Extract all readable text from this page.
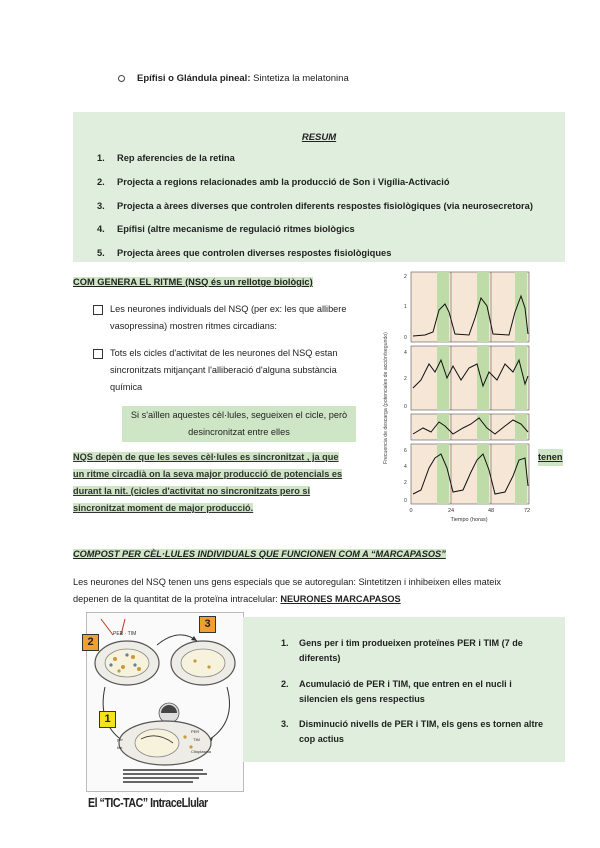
Epífisi o Glándula pineal: Sintetiza la melatonina
RESUM
1. Rep aferencies de la retina
2. Projecta a regions relacionades amb la producció de Son i Vigília-Activació
3. Projecta a àrees diverses que controlen diferents respostes fisiològiques (via neurosecretora)
4. Epífisi (altre mecanisme de regulació ritmes biològics
5. Projecta àrees que controlen diverses respostes fisiològiques
COM GENERA EL RITME (NSQ és un rellotge biològic)
Les neurones individuals del NSQ (per ex: les que allibere
vasopressina) mostren ritmes circadians:
Tots els cicles d'activitat de les neurones del NSQ estan
sincronitzats mitjançant l'alliberació d'alguna substància
química
Si s'aïllen aquestes cèl·lules, segueixen el cicle, però
desincronitzat entre elles
NQS depèn de que les seves cèl·lules es sincronitzat , ja que
un ritme circadià on la seva major producció de potencials es
durant la nit. (cicles d'activitat no sincronitzats pero si
sincronitzat moment de major producció.
tenen
Frecuencia de descarga (potenciales de acción/segundo)
2
1
0
4
2
0
6
4
2
0
0	24	48	72
Tiempo (horas)
COMPOST PER CÈL·LULES INDIVIDUALS QUE FUNCIONEN COM A “MARCAPASOS”
Les neurones del NSQ tenen uns gens especials que se autoregulan: Sintetitzen i inhibeixen elles mateix
depenen de la quantitat de la proteïna intracelular: NEURONES MARCAPASOS
PER · TIM
PER
TIM
Citoplasma
per
tim
2
3
1
El “TIC-TAC” IntraceLlular
1. Gens per i tim produeixen proteïnes PER i TIM (7 de diferents)
2. Acumulació de PER i TIM, que entren en el nucli i silencien els gens respectius
3. Disminució nivells de PER i TIM, els gens es tornen altre cop actius
